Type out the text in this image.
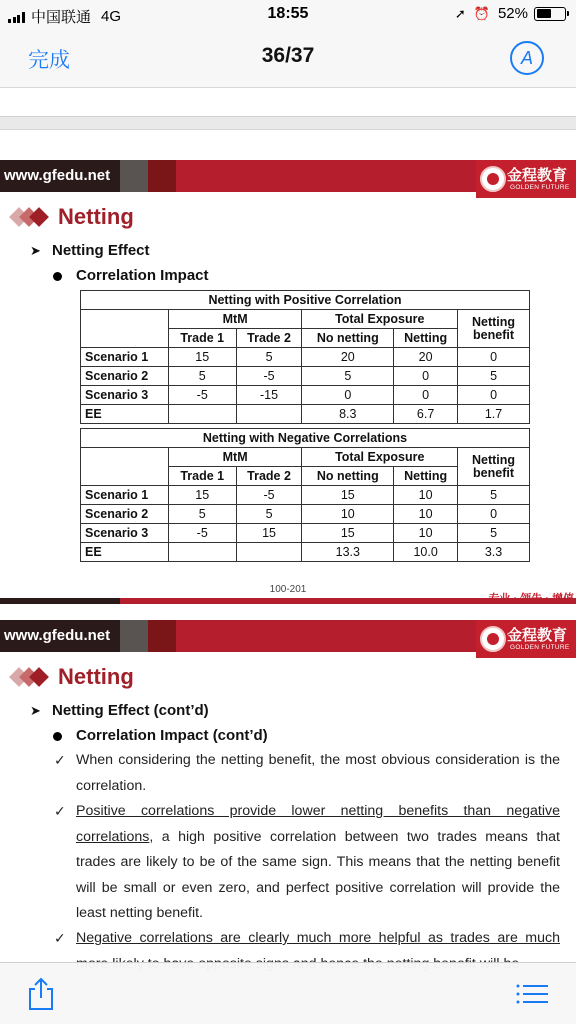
中国联通 4G	18:55	➚ ⏰ 52%
完成	36/37	A
www.gfedu.net	金程教育
GOLDEN FUTURE
Netting
➤ Netting Effect
Correlation Impact
Netting with Positive Correlation					
	MtM		Total Exposure		Netting benefit
	Trade 1	Trade 2	No netting	Netting	
Scenario 1	15	5	20	20	0
Scenario 2	5	-5	5	0	5
Scenario 3	-5	-15	0	0	0
EE			8.3	6.7	1.7
Netting with Negative Correlations					
	MtM		Total Exposure		Netting benefit
	Trade 1	Trade 2	No netting	Netting	
Scenario 1	15	-5	15	10	5
Scenario 2	5	5	10	10	0
Scenario 3	-5	15	15	10	5
EE			13.3	10.0	3.3
100-201
www.gfedu.net	金程教育
GOLDEN FUTURE
Netting
➤ Netting Effect (cont’d)
Correlation Impact (cont’d)
✓ When considering the netting benefit, the most obvious consideration is the correlation.
✓ Positive correlations provide lower netting benefits than negative correlations, a high positive correlation between two trades means that trades are likely to be of the same sign. This means that the netting benefit will be small or even zero, and perfect positive correlation will provide the least netting benefit.
✓ Negative correlations are clearly much more helpful as trades are much
